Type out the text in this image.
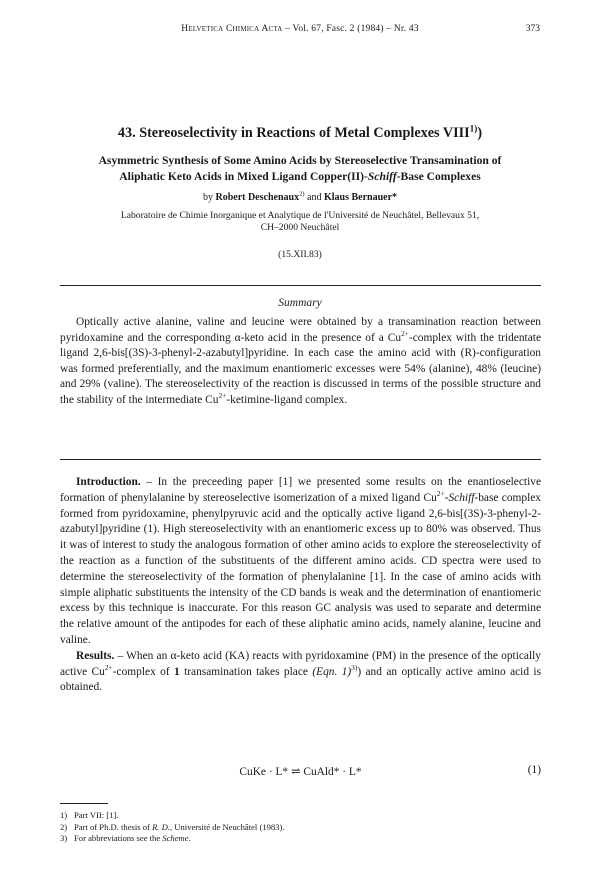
Helvetica Chimica Acta – Vol. 67, Fasc. 2 (1984) – Nr. 43	373
43. Stereoselectivity in Reactions of Metal Complexes VIII$^{1)}$)
Asymmetric Synthesis of Some Amino Acids by Stereoselective Transamination of
Aliphatic Keto Acids in Mixed Ligand Copper(II)-Schiff-Base Complexes
by Robert Deschenaux$^{2)}$ and Klaus Bernauer*
Laboratoire de Chimie Inorganique et Analytique de l'Université de Neuchâtel, Bellevaux 51,
CH–2000 Neuchâtel
(15.XII.83)
Summary

Optically active alanine, valine and leucine were obtained by a transamination reaction between pyridoxamine and the corresponding α-keto acid in the presence of a $Cu^{2+}$-complex with the tridentate ligand 2,6-bis[(3S)-3-phenyl-2-azabutyl]pyridine. In each case the amino acid with (R)-configuration was formed preferentially, and the maximum enantiomeric excesses were 54% (alanine), 48% (leucine) and 29% (valine). The stereoselectivity of the reaction is discussed in terms of the possible structure and the stability of the intermediate $Cu^{2+}-ketimine$-ligand complex.

Introduction. – In the preceeding paper [1] we presented some results on the enantioselective formation of phenylalanine by stereoselective isomerization of a mixed ligand $Cu^{2+}-Schiff$-base complex formed from pyridoxamine, phenylpyruvic acid and the optically active ligand 2,6-bis[(3S)-3-phenyl-2-azabutyl]pyridine (1). High stereoselectivity with an enantiomeric excess up to 80% was observed. Thus it was of interest to study the analogous formation of other amino acids to explore the stereoselectivity of the reaction as a function of the substituents of the different amino acids. CD spectra were used to determine the stereoselectivity of the formation of phenylalanine [1]. In the case of amino acids with simple aliphatic substituents the intensity of the CD bands is weak and the determination of enantiomeric excess by this technique is inaccurate. For this reason GC analysis was used to separate and determine the relative amount of the antipodes for each of these aliphatic amino acids, namely alanine, leucine and valine.

Results. – When an α-keto acid (KA) reacts with pyridoxamine (PM) in the presence of the optically active $Cu^{2+}$-complex of 1 transamination takes place (Eqn. 1)$^{3)}$) and an optically active amino acid is obtained.

CuKe · L* ⇌ CuAld* · L*	(1)
1) Part VII: [1].
2) Part of Ph.D. thesis of R. D., Université de Neuchâtel (1983).
3) For abbreviations see the Scheme.
